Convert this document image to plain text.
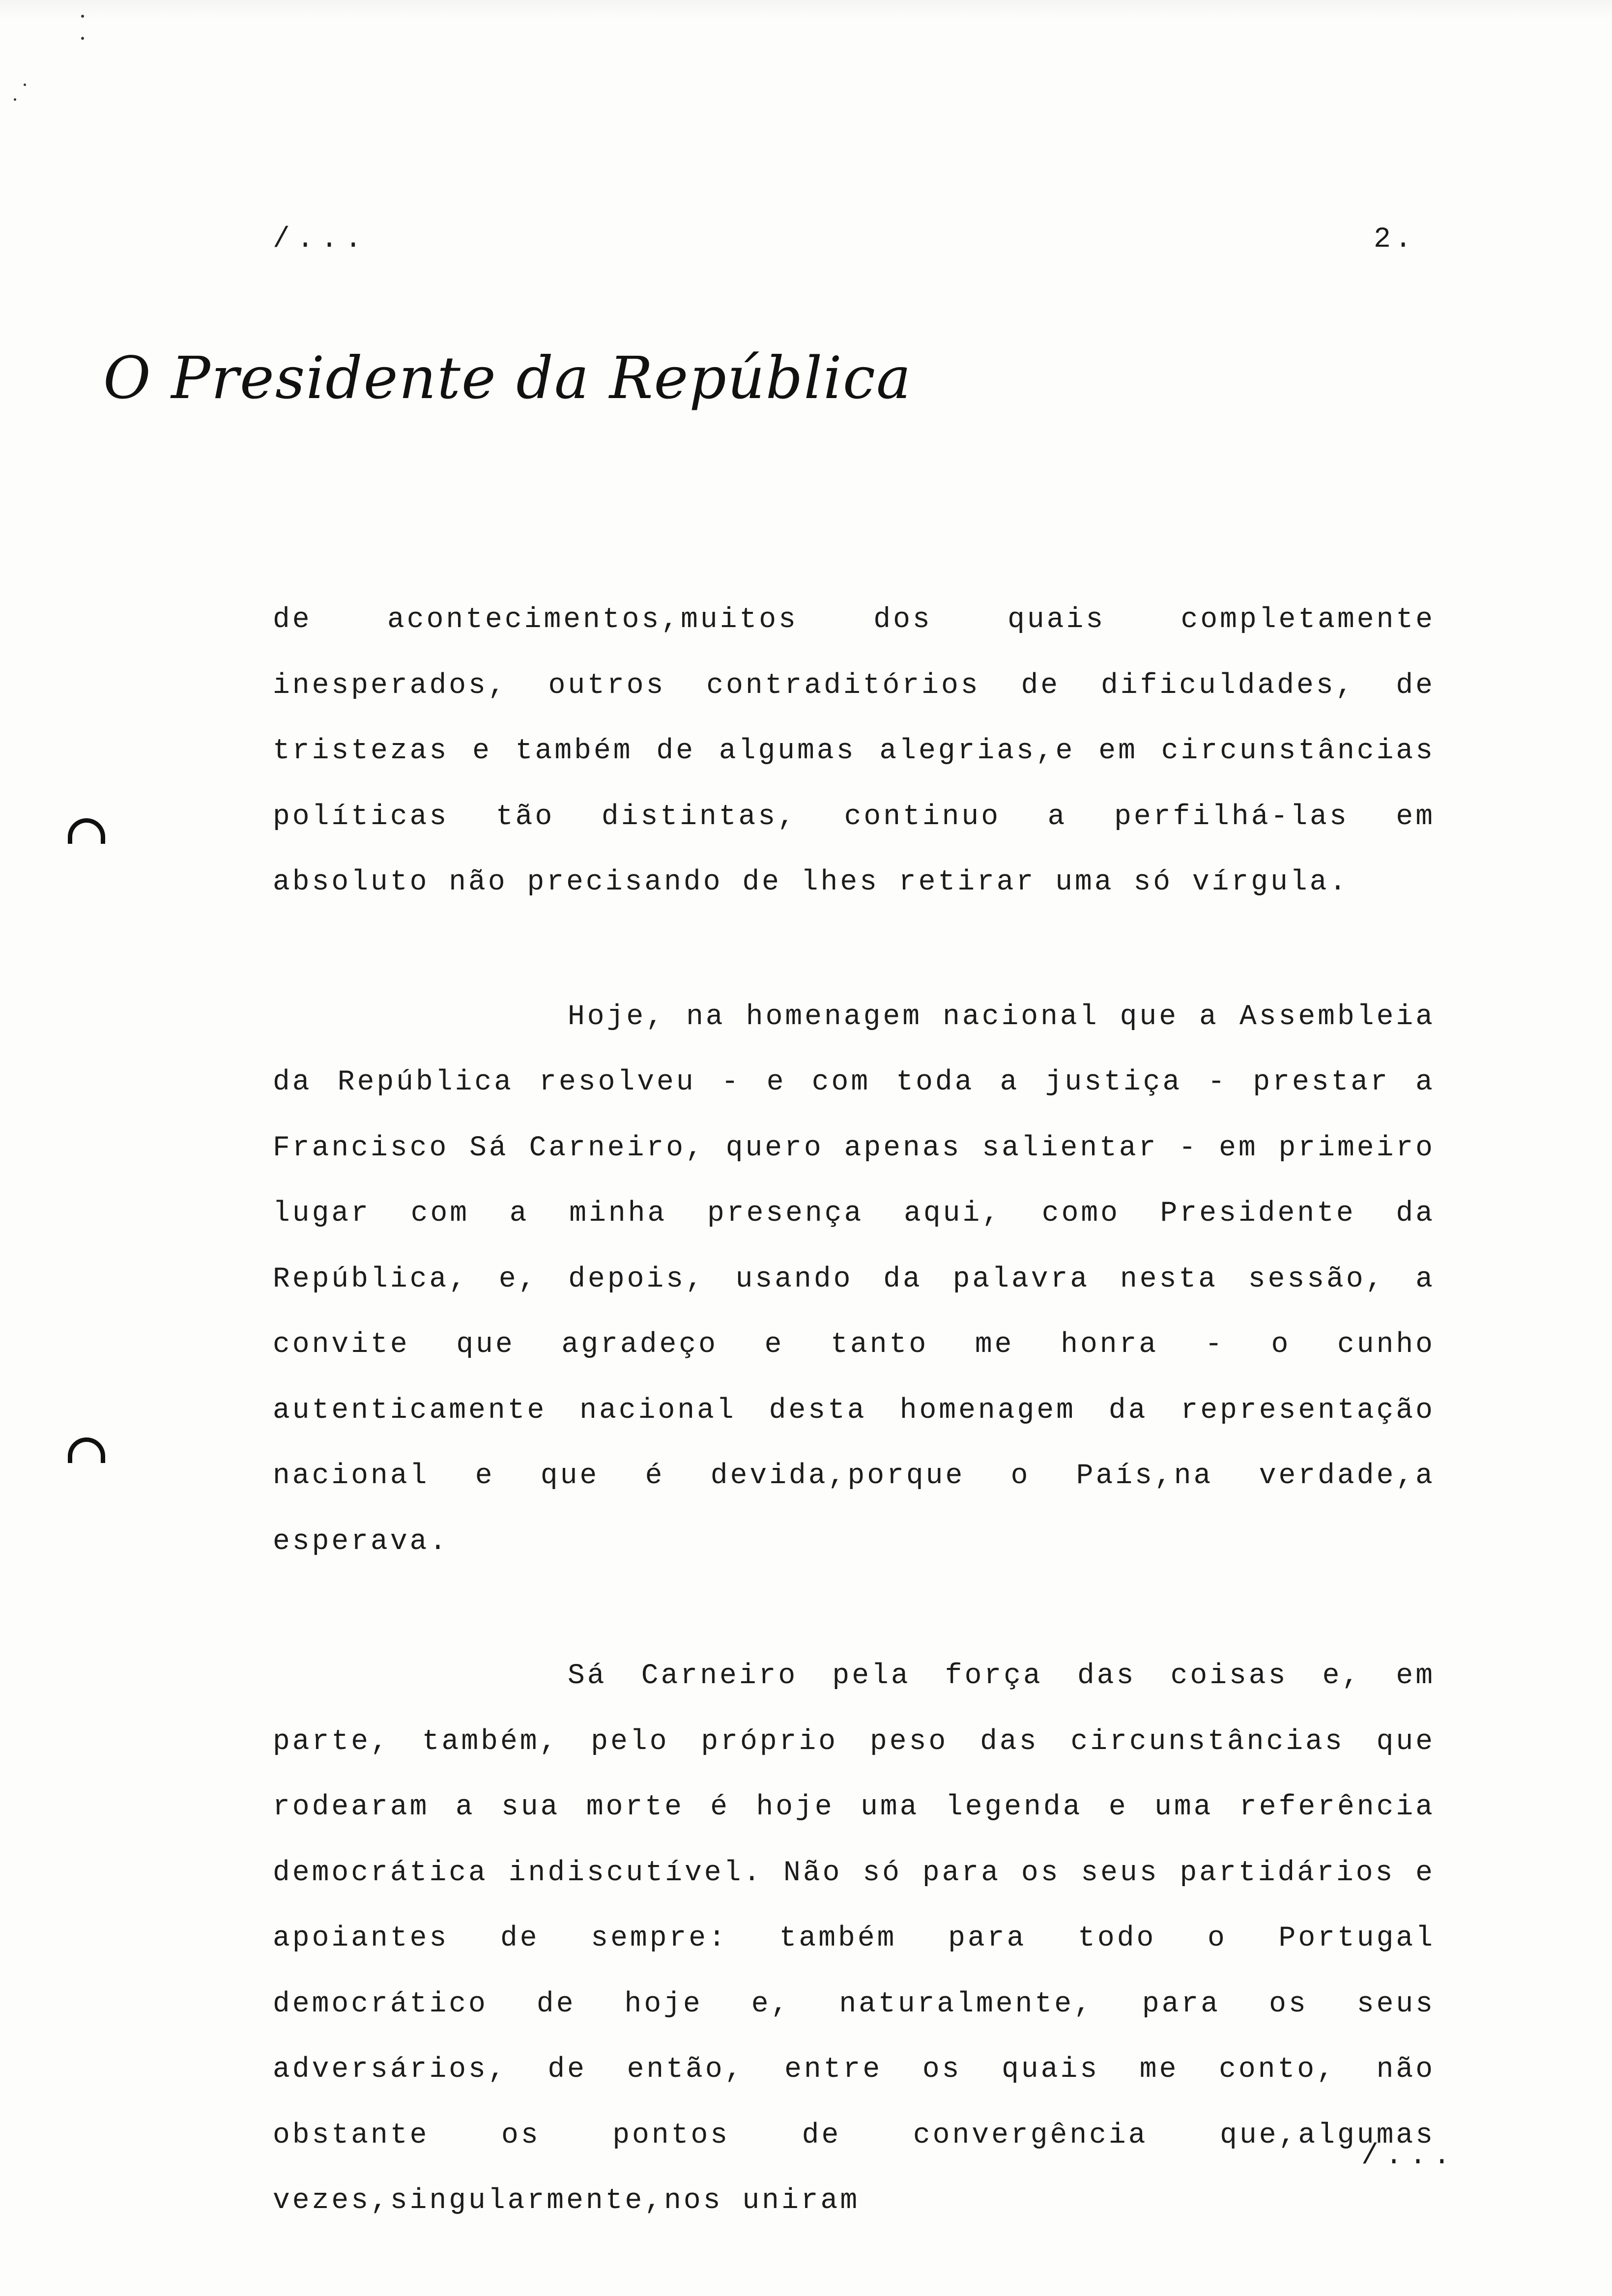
/...	2.
O Presidente da República

de acontecimentos,muitos dos quais completamente inesperados, outros contraditórios de dificuldades, de tristezas e também de algumas alegrias,e em circunstâncias políticas tão distintas, continuo a perfilhá-las em absoluto não precisando de lhes retirar uma só vírgula.

Hoje, na homenagem nacional que a Assembleia da República resolveu - e com toda a justiça - prestar a Francisco Sá Carneiro, quero apenas salientar - em primeiro lugar com a minha presença aqui, como Presidente da República, e, depois, usando da palavra nesta sessão, a convite que agradeço e tanto me honra - o cunho autenticamente nacional desta homenagem da representação nacional e que é devida,porque o País,na verdade,a esperava.

Sá Carneiro pela força das coisas e, em parte, também, pelo próprio peso das circunstâncias que rodearam a sua morte é hoje uma legenda e uma referência democrática indiscutível. Não só para os seus partidários e apoiantes de sempre: também para todo o Portugal democrático de hoje e, naturalmente, para os seus adversários, de então, entre os quais me conto, não obstante os pontos de convergência que,algumas vezes,singularmente,nos uniram

/...
